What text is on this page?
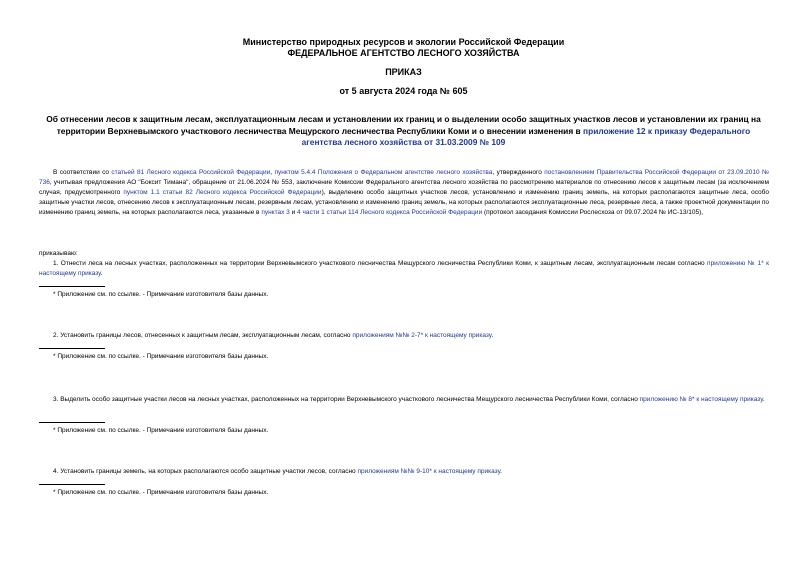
Министерство природных ресурсов и экологии Российской Федерации
ФЕДЕРАЛЬНОЕ АГЕНТСТВО ЛЕСНОГО ХОЗЯЙСТВА
ПРИКАЗ
от 5 августа 2024 года № 605
Об отнесении лесов к защитным лесам, эксплуатационным лесам и установлении их границ и о выделении особо защитных участков лесов и установлении их границ на территории Верхневымского участкового лесничества Мещурского лесничества Республики Коми и о внесении изменения в приложение 12 к приказу Федерального агентства лесного хозяйства от 31.03.2009 № 109
В соответствии со статьей 81 Лесного кодекса Российской Федерации, пунктом 5.4.4 Положения о Федеральном агентстве лесного хозяйства, утвержденного постановлением Правительства Российской Федерации от 23.09.2010 № 736, учитывая предложения АО "Боксит Тимана", обращение от 21.06.2024 № 553, заключение Комиссии Федерального агентства лесного хозяйства по рассмотрению материалов по отнесению лесов к защитным лесам (за исключением случая, предусмотренного пунктом 1.1 статьи 82 Лесного кодекса Российской Федерации), выделению особо защитных участков лесов, установлению и изменению границ земель, на которых располагаются защитные леса, особо защитные участки лесов, отнесению лесов к эксплуатационным лесам, резервным лесам, установлению и изменению границ земель, на которых располагаются эксплуатационные леса, резервные леса, а также проектной документации по изменению границ земель, на которых располагаются леса, указанные в пунктах 3 и 4 части 1 статьи 114 Лесного кодекса Российской Федерации (протокол заседания Комиссии Рослесхоза от 09.07.2024 № ИС-13/105),
приказываю:
1. Отнести леса на лесных участках, расположенных на территории Верхневымского участкового лесничества Мещурского лесничества Республики Коми, к защитным лесам, эксплуатационным лесам согласно приложению № 1* к настоящему приказу.
* Приложение см. по ссылке. - Примечание изготовителя базы данных.
2. Установить границы лесов, отнесенных к защитным лесам, эксплуатационным лесам, согласно приложениям №№ 2-7* к настоящему приказу.
* Приложение см. по ссылке. - Примечание изготовителя базы данных.
3. Выделить особо защитные участки лесов на лесных участках, расположенных на территории Верхневымского участкового лесничества Мещурского лесничества Республики Коми, согласно приложению № 8* к настоящему приказу.
* Приложение см. по ссылке. - Примечание изготовителя базы данных.
4. Установить границы земель, на которых располагаются особо защитные участки лесов, согласно приложениям №№ 9-10* к настоящему приказу.
* Приложение см. по ссылке. - Примечание изготовителя базы данных.
